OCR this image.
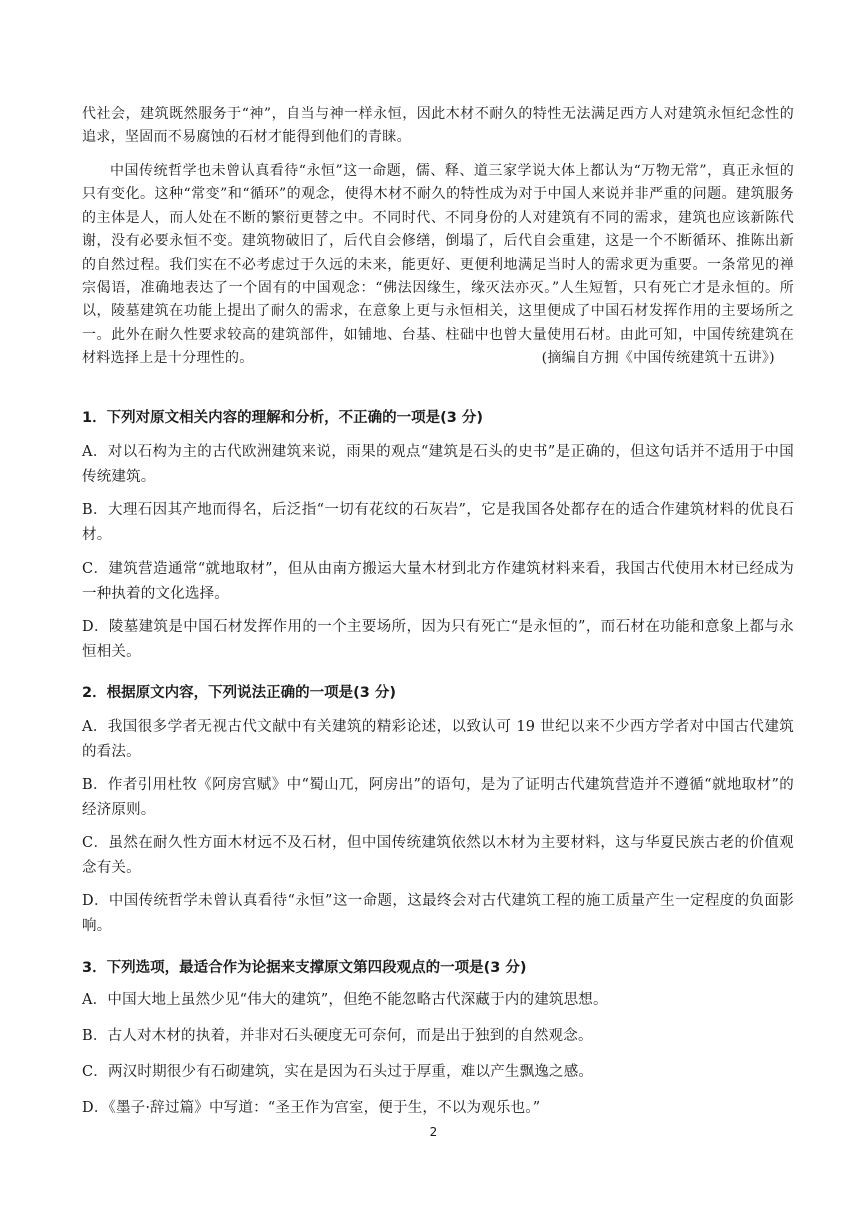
代社会，建筑既然服务于“神”，自当与神一样永恒，因此木材不耐久的特性无法满足西方人对建筑永恒纪念性的追求，坚固而不易腐蚀的石材才能得到他们的青睐。
中国传统哲学也未曾认真看待“永恒”这一命题，儒、释、道三家学说大体上都认为“万物无常”，真正永恒的只有变化。这种“常变”和“循环”的观念，使得木材不耐久的特性成为对于中国人来说并非严重的问题。建筑服务的主体是人，而人处在不断的繁衍更替之中。不同时代、不同身份的人对建筑有不同的需求，建筑也应该新陈代谢，没有必要永恒不变。建筑物破旧了，后代自会修缮，倒塌了，后代自会重建，这是一个不断循环、推陈出新的自然过程。我们实在不必考虑过于久远的未来，能更好、更便利地满足当时人的需求更为重要。一条常见的禅宗偈语，准确地表达了一个固有的中国观念：“佛法因缘生，缘灭法亦灭。”人生短暂，只有死亡才是永恒的。所以，陵墓建筑在功能上提出了耐久的需求，在意象上更与永恒相关，这里便成了中国石材发挥作用的主要场所之一。此外在耐久性要求较高的建筑部件，如铺地、台基、柱础中也曾大量使用石材。由此可知，中国传统建筑在材料选择上是十分理性的。	(摘编自方拥《中国传统建筑十五讲》)
1．下列对原文相关内容的理解和分析，不正确的一项是(3 分)
A．对以石构为主的古代欧洲建筑来说，雨果的观点“建筑是石头的史书”是正确的，但这句话并不适用于中国传统建筑。
B．大理石因其产地而得名，后泛指“一切有花纹的石灰岩”，它是我国各处都存在的适合作建筑材料的优良石材。
C．建筑营造通常“就地取材”，但从由南方搬运大量木材到北方作建筑材料来看，我国古代使用木材已经成为一种执着的文化选择。
D．陵墓建筑是中国石材发挥作用的一个主要场所，因为只有死亡“是永恒的”，而石材在功能和意象上都与永恒相关。
2．根据原文内容，下列说法正确的一项是(3 分)
A．我国很多学者无视古代文献中有关建筑的精彩论述，以致认可 19 世纪以来不少西方学者对中国古代建筑的看法。
B．作者引用杜牧《阿房宫赋》中“蜀山兀，阿房出”的语句，是为了证明古代建筑营造并不遵循“就地取材”的经济原则。
C．虽然在耐久性方面木材远不及石材，但中国传统建筑依然以木材为主要材料，这与华夏民族古老的价值观念有关。
D．中国传统哲学未曾认真看待“永恒”这一命题，这最终会对古代建筑工程的施工质量产生一定程度的负面影响。
3．下列选项，最适合作为论据来支撑原文第四段观点的一项是(3 分)
A．中国大地上虽然少见“伟大的建筑”，但绝不能忽略古代深藏于内的建筑思想。
B．古人对木材的执着，并非对石头硬度无可奈何，而是出于独到的自然观念。
C．两汉时期很少有石砌建筑，实在是因为石头过于厚重，难以产生飘逸之感。
D．《墨子·辞过篇》中写道：“圣王作为宫室，便于生，不以为观乐也。”
2
